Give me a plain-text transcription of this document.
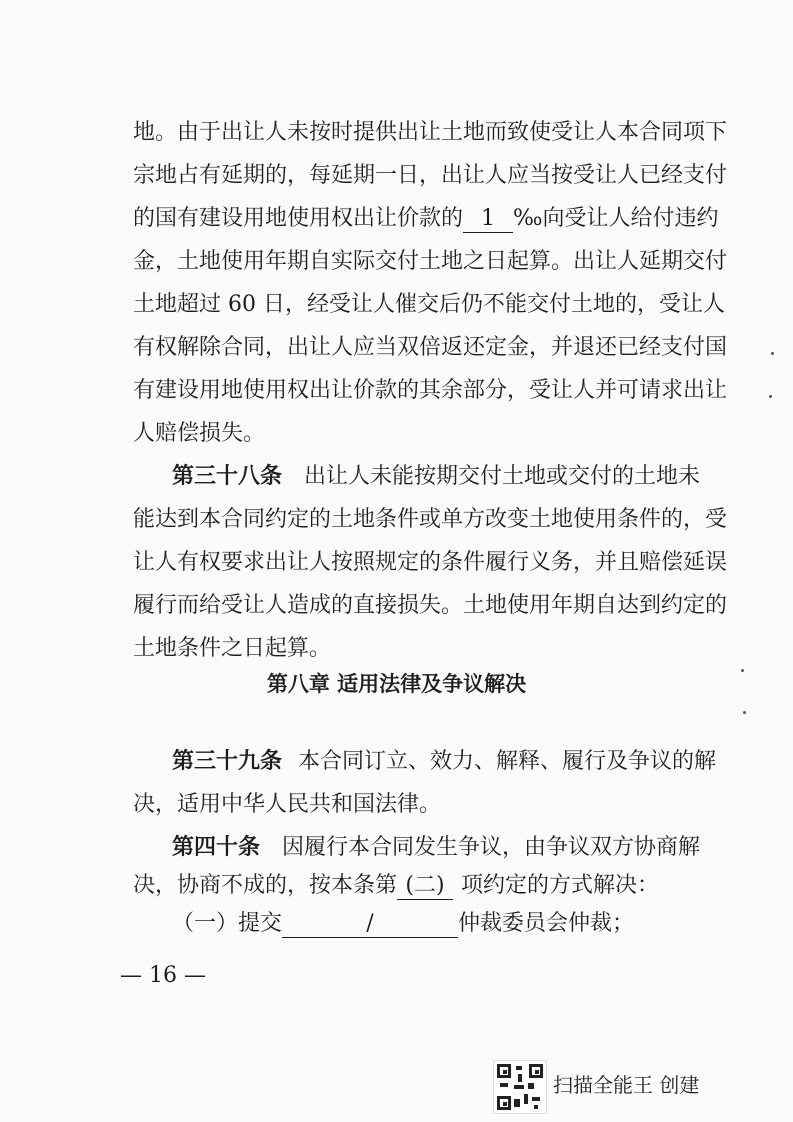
地。由于出让人未按时提供出让土地而致使受让人本合同项下
宗地占有延期的，每延期一日，出让人应当按受让人已经支付
的国有建设用地使用权出让价款的 1 ‰向受让人给付违约
金，土地使用年期自实际交付土地之日起算。出让人延期交付
土地超过 60 日，经受让人催交后仍不能交付土地的，受让人
有权解除合同，出让人应当双倍返还定金，并退还已经支付国
有建设用地使用权出让价款的其余部分，受让人并可请求出让
人赔偿损失。
第三十八条 出让人未能按期交付土地或交付的土地未
能达到本合同约定的土地条件或单方改变土地使用条件的，受
让人有权要求出让人按照规定的条件履行义务，并且赔偿延误
履行而给受让人造成的直接损失。土地使用年期自达到约定的
土地条件之日起算。
第八章 适用法律及争议解决
第三十九条 本合同订立、效力、解释、履行及争议的解
决，适用中华人民共和国法律。
第四十条 因履行本合同发生争议，由争议双方协商解
决，协商不成的，按本条第 (二) 项约定的方式解决：
（一）提交	/	仲裁委员会仲裁；
— 16 —
扫描全能王 创建
